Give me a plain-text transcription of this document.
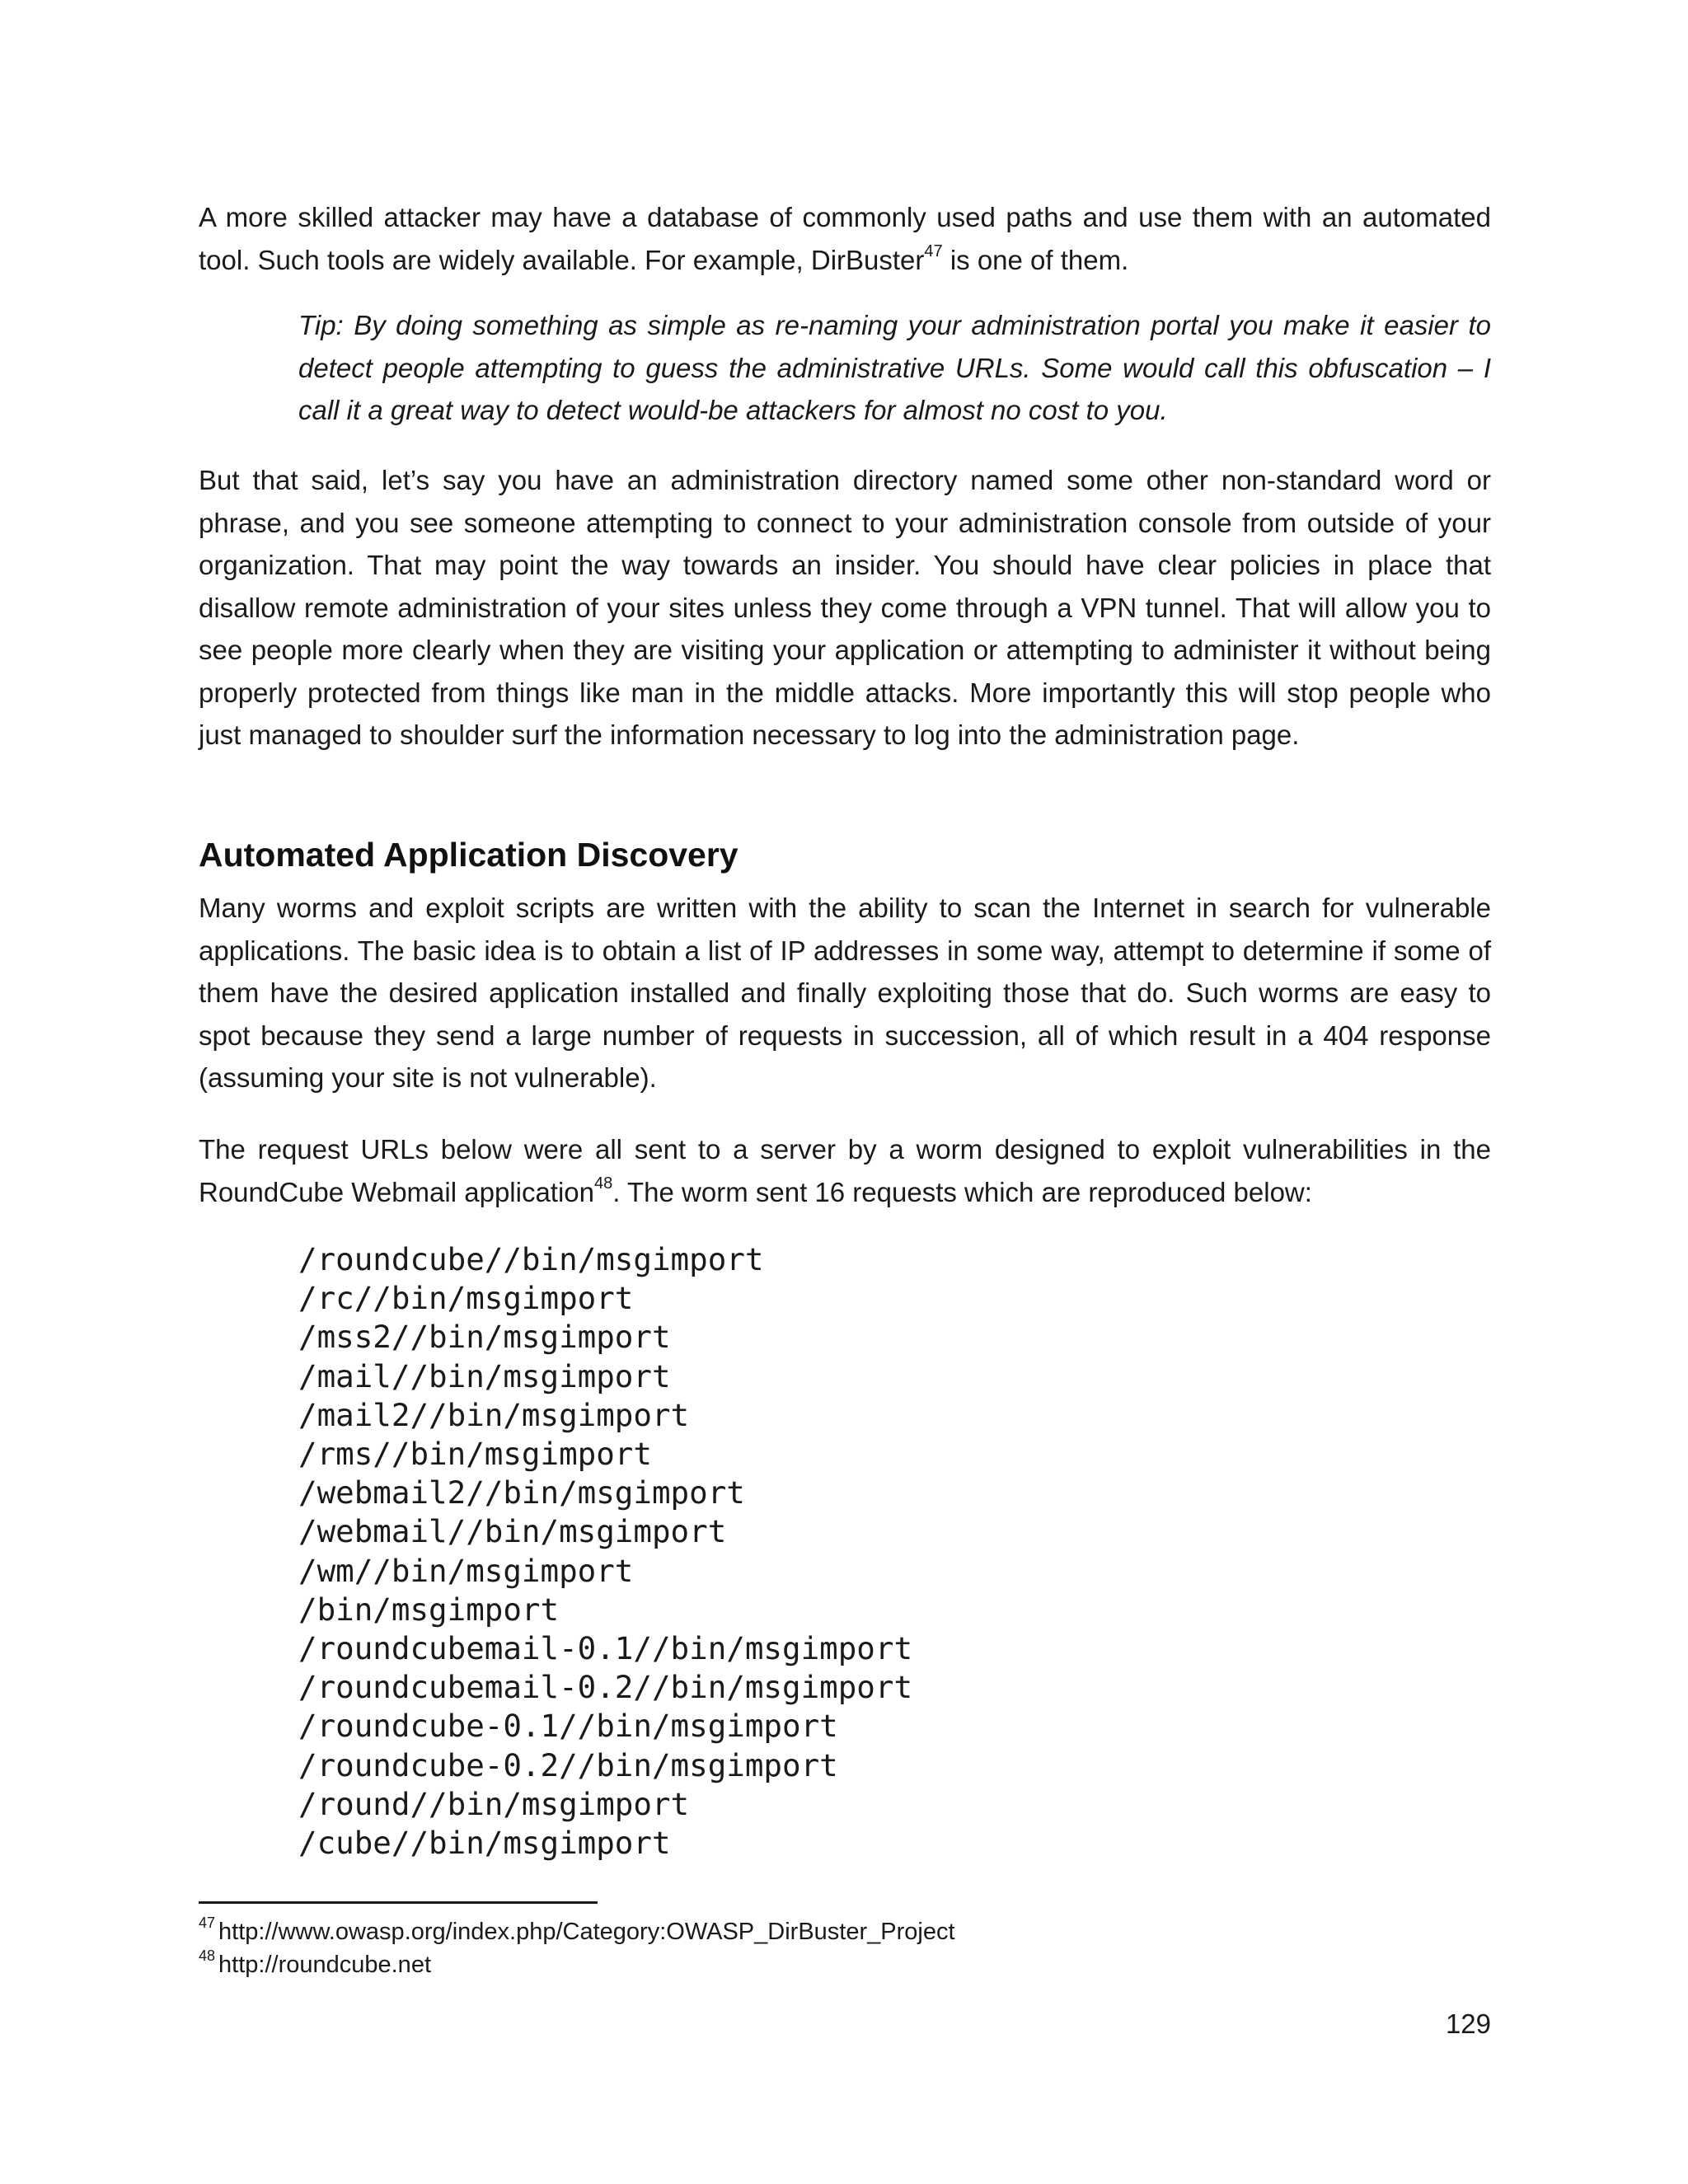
A more skilled attacker may have a database of commonly used paths and use them with an automated tool. Such tools are widely available. For example, DirBuster$^{47}$ is one of them.

Tip: By doing something as simple as re-naming your administration portal you make it easier to detect people attempting to guess the administrative URLs. Some would call this obfuscation – I call it a great way to detect would-be attackers for almost no cost to you.

But that said, let’s say you have an administration directory named some other non-standard word or phrase, and you see someone attempting to connect to your administration console from outside of your organization. That may point the way towards an insider. You should have clear policies in place that disallow remote administration of your sites unless they come through a VPN tunnel. That will allow you to see people more clearly when they are visiting your application or attempting to administer it without being properly protected from things like man in the middle attacks. More importantly this will stop people who just managed to shoulder surf the information necessary to log into the administration page.

Automated Application Discovery

Many worms and exploit scripts are written with the ability to scan the Internet in search for vulnerable applications. The basic idea is to obtain a list of IP addresses in some way, attempt to determine if some of them have the desired application installed and finally exploiting those that do. Such worms are easy to spot because they send a large number of requests in succession, all of which result in a 404 response (assuming your site is not vulnerable).

The request URLs below were all sent to a server by a worm designed to exploit vulnerabilities in the RoundCube Webmail application$^{48}$. The worm sent 16 requests which are reproduced below:

/roundcube//bin/msgimport
/rc//bin/msgimport
/mss2//bin/msgimport
/mail//bin/msgimport
/mail2//bin/msgimport
/rms//bin/msgimport
/webmail2//bin/msgimport
/webmail//bin/msgimport
/wm//bin/msgimport
/bin/msgimport
/roundcubemail-0.1//bin/msgimport
/roundcubemail-0.2//bin/msgimport
/roundcube-0.1//bin/msgimport
/roundcube-0.2//bin/msgimport
/round//bin/msgimport
/cube//bin/msgimport
$^{47}$ http://www.owasp.org/index.php/Category:OWASP_DirBuster_Project
$^{48}$ http://roundcube.net
129
